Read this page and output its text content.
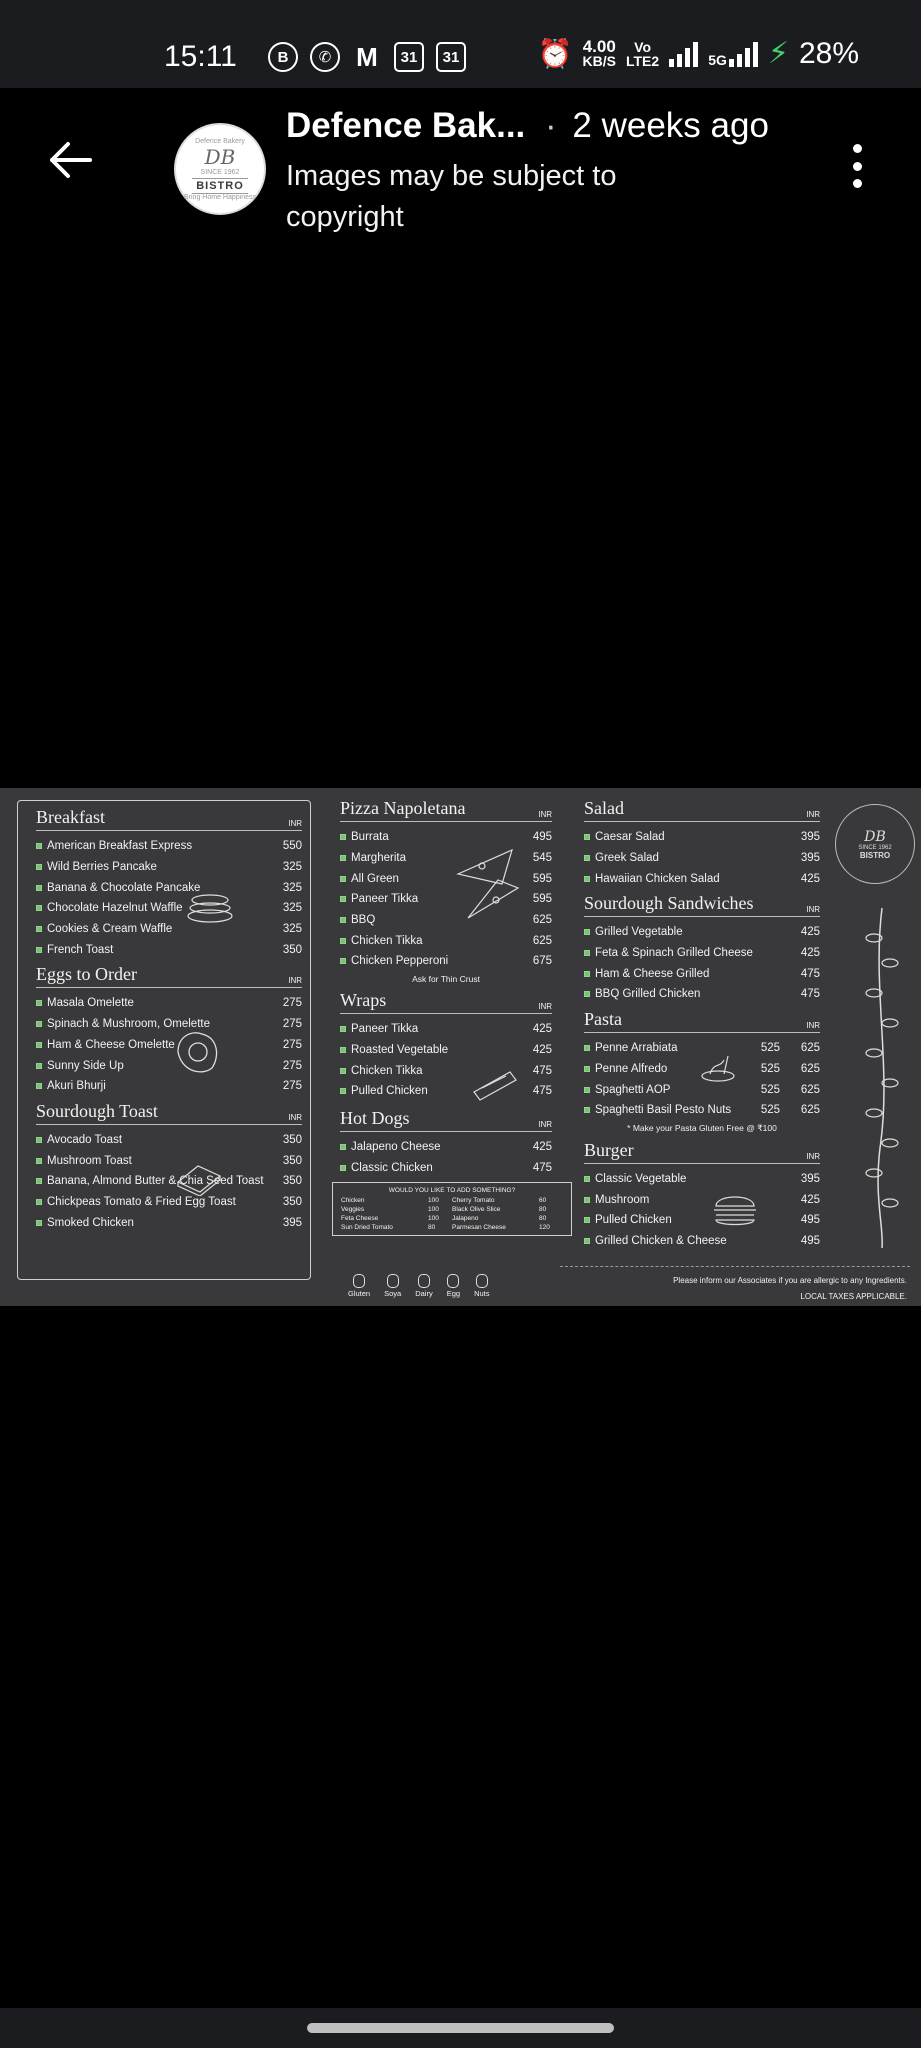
15:11	B	✆ M	31	31	⏰ 4.00
KB/S
Vo
LTE2	5G ⚡ 28%
Defence Bakery
DB
SINCE 1962
BISTRO
Bring Home Happiness
Defence Bak... · 2 weeks ago
Images may be subject to copyright
Breakfast	INR
American Breakfast Express	550
Wild Berries Pancake	325
Banana & Chocolate Pancake	325
Chocolate Hazelnut Waffle	325
Cookies & Cream Waffle	325
French Toast	350
Eggs to Order	INR
Masala Omelette	275
Spinach & Mushroom, Omelette	275
Ham & Cheese Omelette	275
Sunny Side Up	275
Akuri Bhurji	275
Sourdough Toast	INR
Avocado Toast	350
Mushroom Toast	350
Banana, Almond Butter & Chia Seed Toast	350
Chickpeas Tomato & Fried Egg Toast	350
Smoked Chicken	395
Pizza Napoletana	INR
Burrata	495
Margherita	545
All Green	595
Paneer Tikka	595
BBQ	625
Chicken Tikka	625
Chicken Pepperoni	675
Ask for Thin Crust
Wraps	INR
Paneer Tikka	425
Roasted Vegetable	425
Chicken Tikka	475
Pulled Chicken	475
Hot Dogs	INR
Jalapeno Cheese	425
Classic Chicken	475
WOULD YOU LIKE TO ADD SOMETHING?
Chicken	100	Cherry Tomato	60
Veggies	100	Black Olive Slice	80
Feta Cheese	100	Jalapeno	80
Sun Dried Tomato	80	Parmesan Cheese	120
Salad	INR
Caesar Salad	395
Greek Salad	395
Hawaiian Chicken Salad	425
Sourdough Sandwiches	INR
Grilled Vegetable	425
Feta & Spinach Grilled Cheese	425
Ham & Cheese Grilled	475
BBQ Grilled Chicken	475
Pasta	INR
Penne Arrabiata	525	625
Penne Alfredo	525	625
Spaghetti AOP	525	625
Spaghetti Basil Pesto Nuts	525	625
* Make your Pasta Gluten Free @ ₹100
Burger	INR
Classic Vegetable	395
Mushroom	425
Pulled Chicken	495
Grilled Chicken & Cheese	495
DB
SINCE 1962
BISTRO
Gluten Soya Dairy Egg Nuts
Please inform our Associates if you are allergic to any Ingredients.
LOCAL TAXES APPLICABLE.
